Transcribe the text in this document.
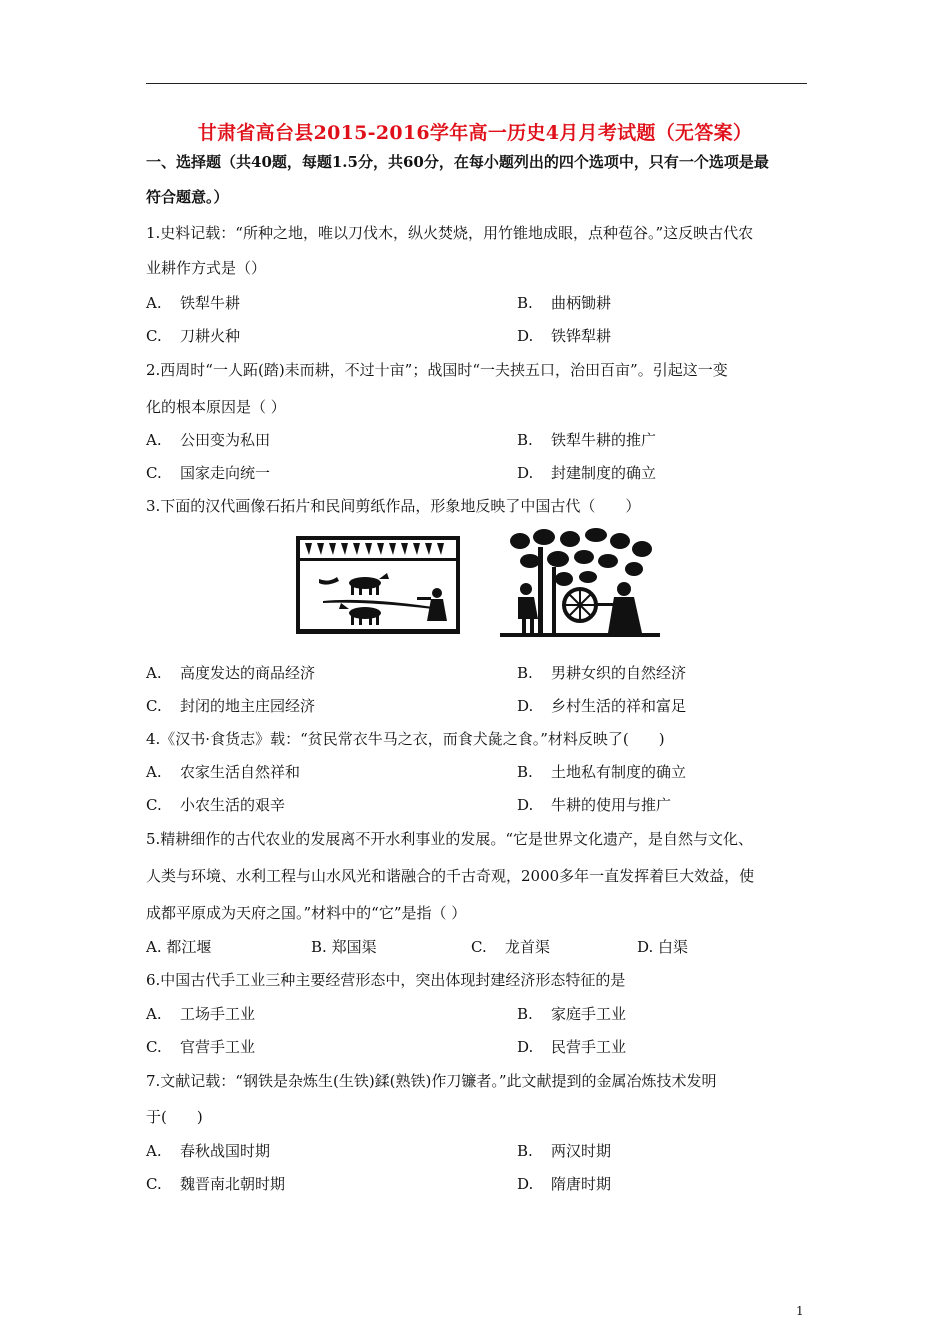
甘肃省高台县2015-2016学年高一历史4月月考试题（无答案）
一、选择题（共40题，每题1.5分，共60分，在每小题列出的四个选项中，只有一个选项是最
符合题意。）
1.史料记载：“所种之地，唯以刀伐木，纵火焚烧，用竹锥地成眼，点种苞谷。”这反映古代农
业耕作方式是（）
A. 铁犁牛耕	B. 曲柄锄耕
C. 刀耕火种	D. 铁铧犁耕
2.西周时“一人跖(踏)耒而耕，不过十亩”；战国时“一夫挟五口，治田百亩”。引起这一变
化的根本原因是（ ）
A. 公田变为私田	B. 铁犁牛耕的推广
C. 国家走向统一	D. 封建制度的确立
3.下面的汉代画像石拓片和民间剪纸作品，形象地反映了中国古代（　　）
A. 高度发达的商品经济	B. 男耕女织的自然经济
C. 封闭的地主庄园经济	D. 乡村生活的祥和富足
4.《汉书·食货志》载：“贫民常衣牛马之衣，而食犬彘之食。”材料反映了(　　)
A. 农家生活自然祥和	B. 土地私有制度的确立
C. 小农生活的艰辛	D. 牛耕的使用与推广
5.精耕细作的古代农业的发展离不开水利事业的发展。“它是世界文化遗产，是自然与文化、
人类与环境、水利工程与山水风光和谐融合的千古奇观，2000多年一直发挥着巨大效益，使
成都平原成为天府之国。”材料中的“它”是指（ ）
A. 都江堰	B. 郑国渠	C. 龙首渠	D. 白渠
6.中国古代手工业三种主要经营形态中，突出体现封建经济形态特征的是
A. 工场手工业	B. 家庭手工业
C. 官营手工业	D. 民营手工业
7.文献记载：“钢铁是杂炼生(生铁)鍒(熟铁)作刀镰者。”此文献提到的金属冶炼技术发明
于(　　)
A. 春秋战国时期	B. 两汉时期
C. 魏晋南北朝时期	D. 隋唐时期
1
